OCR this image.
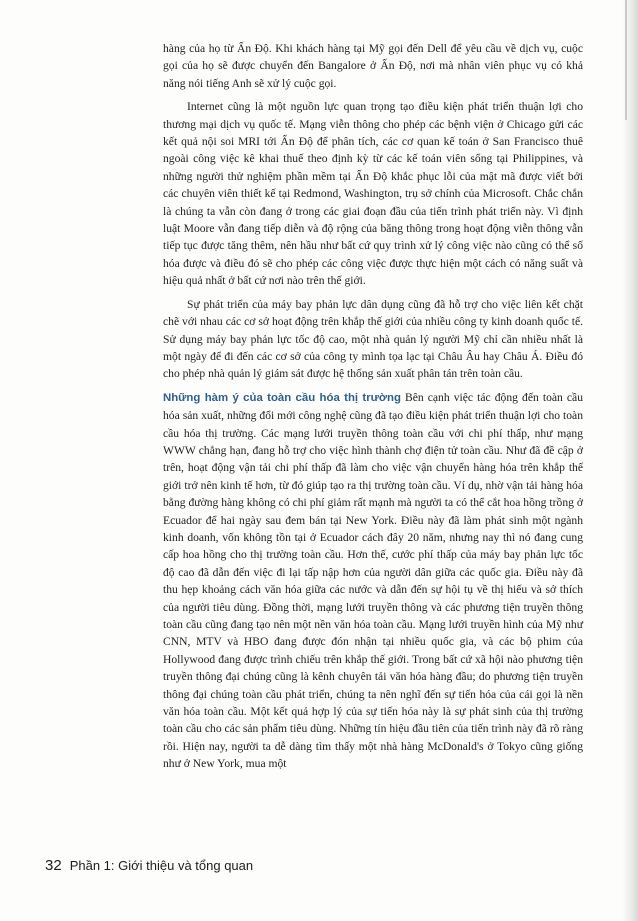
hàng của họ từ Ấn Độ. Khi khách hàng tại Mỹ gọi đến Dell để yêu cầu về dịch vụ, cuộc gọi của họ sẽ được chuyển đến Bangalore ở Ấn Độ, nơi mà nhân viên phục vụ có khả năng nói tiếng Anh sẽ xử lý cuộc gọi.

Internet cũng là một nguồn lực quan trọng tạo điều kiện phát triển thuận lợi cho thương mại dịch vụ quốc tế. Mạng viễn thông cho phép các bệnh viện ở Chicago gửi các kết quả nội soi MRI tới Ấn Độ để phân tích, các cơ quan kế toán ở San Francisco thuê ngoài công việc kê khai thuế theo định kỳ từ các kế toán viên sống tại Philippines, và những người thử nghiệm phần mềm tại Ấn Độ khắc phục lỗi của mật mã được viết bởi các chuyên viên thiết kế tại Redmond, Washington, trụ sở chính của Microsoft. Chắc chắn là chúng ta vẫn còn đang ở trong các giai đoạn đầu của tiến trình phát triển này. Vì định luật Moore vẫn đang tiếp diễn và độ rộng của băng thông trong hoạt động viễn thông vẫn tiếp tục được tăng thêm, nên hầu như bất cứ quy trình xử lý công việc nào cũng có thể số hóa được và điều đó sẽ cho phép các công việc được thực hiện một cách có năng suất và hiệu quả nhất ở bất cứ nơi nào trên thế giới.

Sự phát triển của máy bay phản lực dân dụng cũng đã hỗ trợ cho việc liên kết chặt chẽ với nhau các cơ sở hoạt động trên khắp thế giới của nhiều công ty kinh doanh quốc tế. Sử dụng máy bay phản lực tốc độ cao, một nhà quản lý người Mỹ chỉ cần nhiều nhất là một ngày để đi đến các cơ sở của công ty mình tọa lạc tại Châu Âu hay Châu Á. Điều đó cho phép nhà quản lý giám sát được hệ thống sản xuất phân tán trên toàn cầu.

Những hàm ý của toàn cầu hóa thị trường Bên cạnh việc tác động đến toàn cầu hóa sản xuất, những đổi mới công nghệ cũng đã tạo điều kiện phát triển thuận lợi cho toàn cầu hóa thị trường. Các mạng lưới truyền thông toàn cầu với chi phí thấp, như mạng WWW chẳng hạn, đang hỗ trợ cho việc hình thành chợ điện tử toàn cầu. Như đã đề cập ở trên, hoạt động vận tải chi phí thấp đã làm cho việc vận chuyển hàng hóa trên khắp thế giới trở nên kinh tế hơn, từ đó giúp tạo ra thị trường toàn cầu. Ví dụ, nhờ vận tải hàng hóa bằng đường hàng không có chi phí giảm rất mạnh mà người ta có thể cắt hoa hồng trồng ở Ecuador để hai ngày sau đem bán tại New York. Điều này đã làm phát sinh một ngành kinh doanh, vốn không tồn tại ở Ecuador cách đây 20 năm, nhưng nay thì nó đang cung cấp hoa hồng cho thị trường toàn cầu. Hơn thế, cước phí thấp của máy bay phản lực tốc độ cao đã dẫn đến việc đi lại tấp nập hơn của người dân giữa các quốc gia. Điều này đã thu hẹp khoảng cách văn hóa giữa các nước và dẫn đến sự hội tụ về thị hiếu và sở thích của người tiêu dùng. Đồng thời, mạng lưới truyền thông và các phương tiện truyền thông toàn cầu cũng đang tạo nên một nền văn hóa toàn cầu. Mạng lưới truyền hình của Mỹ như CNN, MTV và HBO đang được đón nhận tại nhiều quốc gia, và các bộ phim của Hollywood đang được trình chiếu trên khắp thế giới. Trong bất cứ xã hội nào phương tiện truyền thông đại chúng cũng là kênh chuyên tải văn hóa hàng đầu; do phương tiện truyền thông đại chúng toàn cầu phát triển, chúng ta nên nghĩ đến sự tiến hóa của cái gọi là nền văn hóa toàn cầu. Một kết quả hợp lý của sự tiến hóa này là sự phát sinh của thị trường toàn cầu cho các sản phẩm tiêu dùng. Những tín hiệu đầu tiên của tiến trình này đã rõ ràng rồi. Hiện nay, người ta dễ dàng tìm thấy một nhà hàng McDonald's ở Tokyo cũng giống như ở New York, mua một

32 Phần 1: Giới thiệu và tổng quan
